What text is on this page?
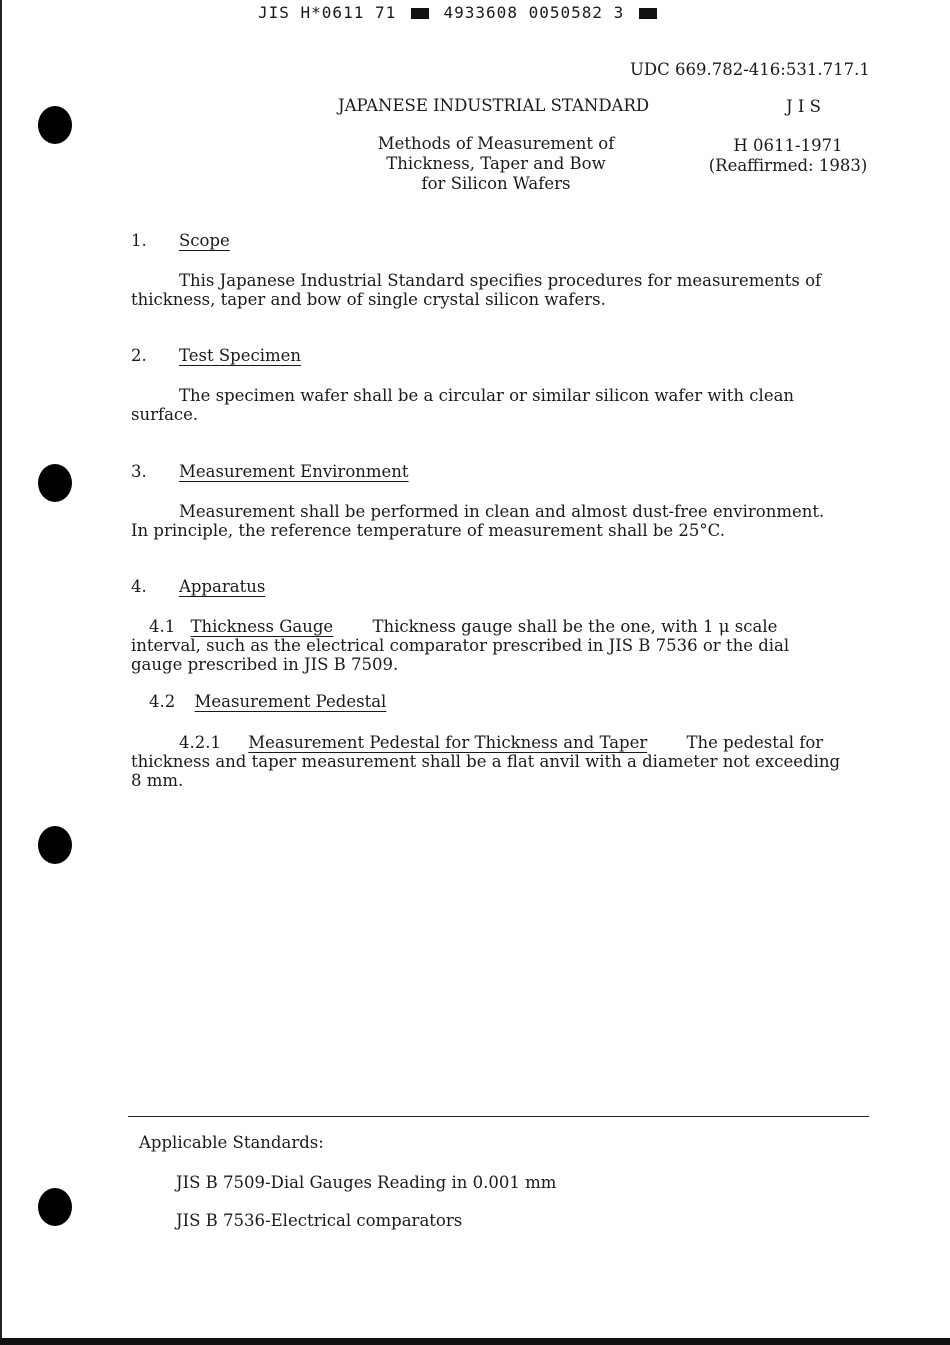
JIS H*0611 71	4933608 0050582 3
UDC 669.782-416:531.717.1
JAPANESE INDUSTRIAL STANDARD	J I S
Methods of Measurement of
Thickness, Taper and Bow
for Silicon Wafers
H 0611-1971
(Reaffirmed: 1983)
1. Scope
This Japanese Industrial Standard specifies procedures for measurements of
thickness, taper and bow of single crystal silicon wafers.
2. Test Specimen
The specimen wafer shall be a circular or similar silicon wafer with clean
surface.
3. Measurement Environment
Measurement shall be performed in clean and almost dust-free environment.
In principle, the reference temperature of measurement shall be 25°C.
4. Apparatus
4.1 Thickness Gauge Thickness gauge shall be the one, with 1 μ scale
interval, such as the electrical comparator prescribed in JIS B 7536 or the dial
gauge prescribed in JIS B 7509.
4.2 Measurement Pedestal
4.2.1 Measurement Pedestal for Thickness and Taper The pedestal for
thickness and taper measurement shall be a flat anvil with a diameter not exceeding
8 mm.
Applicable Standards:
JIS B 7509-Dial Gauges Reading in 0.001 mm
JIS B 7536-Electrical comparators
